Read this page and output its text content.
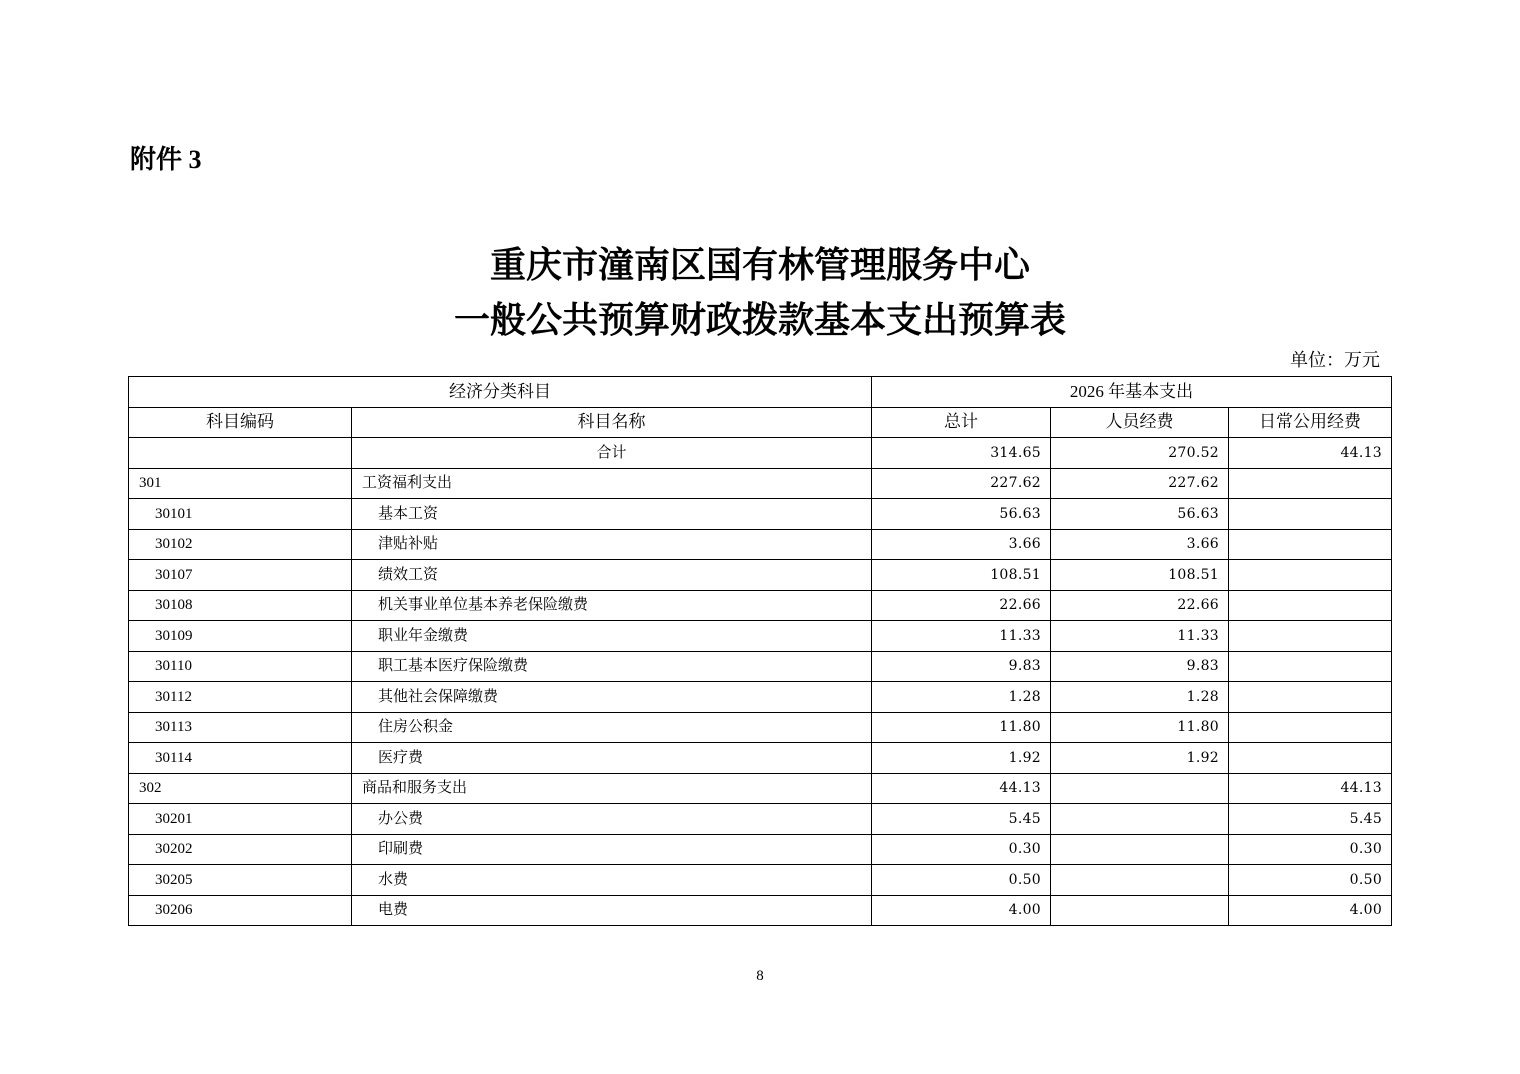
附件 3
重庆市潼南区国有林管理服务中心
一般公共预算财政拨款基本支出预算表
单位：万元
经济分类科目		2026 年基本支出		
科目编码	科目名称	总计	人员经费	日常公用经费
	合计	314.65	270.52	44.13
301	工资福利支出	227.62	227.62	
30101	基本工资	56.63	56.63	
30102	津贴补贴	3.66	3.66	
30107	绩效工资	108.51	108.51	
30108	机关事业单位基本养老保险缴费	22.66	22.66	
30109	职业年金缴费	11.33	11.33	
30110	职工基本医疗保险缴费	9.83	9.83	
30112	其他社会保障缴费	1.28	1.28	
30113	住房公积金	11.80	11.80	
30114	医疗费	1.92	1.92	
302	商品和服务支出	44.13		44.13
30201	办公费	5.45		5.45
30202	印刷费	0.30		0.30
30205	水费	0.50		0.50
30206	电费	4.00		4.00
8
